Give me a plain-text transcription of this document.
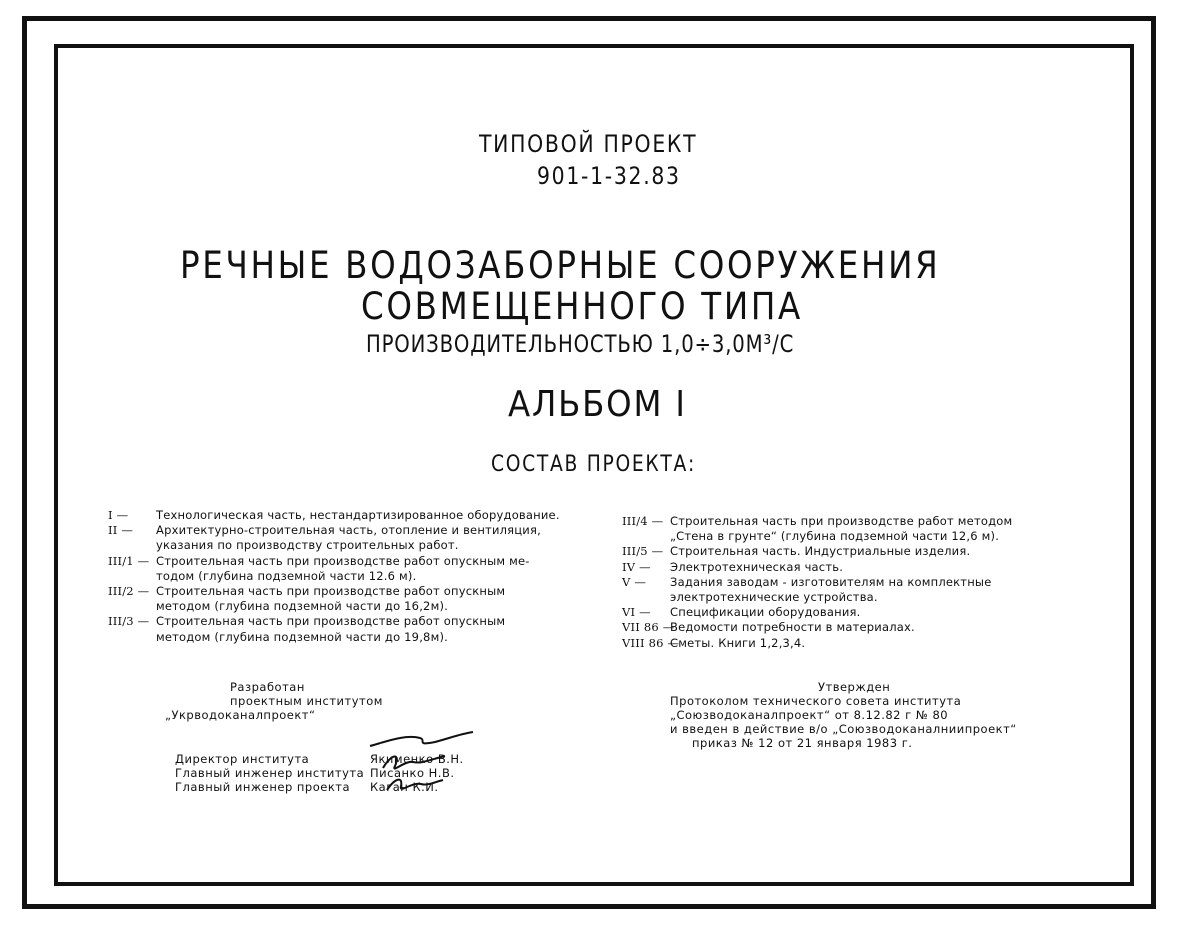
ТИПОВОЙ ПРОЕКТ
901-1-32.83
РЕЧНЫЕ ВОДОЗАБОРНЫЕ СООРУЖЕНИЯ
СОВМЕЩЕННОГО ТИПА
ПРОИЗВОДИТЕЛЬНОСТЬЮ 1,0÷3,0М³/С
АЛЬБОМ I
СОСТАВ ПРОЕКТА:
I — Технологическая часть, нестандартизированное оборудование.
II — Архитектурно-строительная часть, отопление и вентиляция,
указания по производству строительных работ.
III/1 — Строительная часть при производстве работ опускным ме-
тодом (глубина подземной части 12.6 м).
III/2 — Строительная часть при производстве работ опускным
методом (глубина подземной части до 16,2м).
III/3 — Строительная часть при производстве работ опускным
методом (глубина подземной части до 19,8м).
III/4 — Строительная часть при производстве работ методом
„Стена в грунте“ (глубина подземной части 12,6 м).
III/5 — Строительная часть. Индустриальные изделия.
IV — Электротехническая часть.
V — Задания заводам - изготовителям на комплектные
электротехнические устройства.
VI — Спецификации оборудования.
VII 86 —
Ведомости потребности в материалах.
VIII 86 —
Сметы. Книги 1,2,3,4.
Разработан
проектным институтом
„Укрводоканалпроект“
Директор института
Главный инженер института
Главный инженер проекта
Якименко В.Н.
Писанко Н.В.
Каган К.И.
Утвержден
Протоколом технического совета института
„Союзводоканалпроект“ от 8.12.82 г № 80
и введен в действие в/о „Союзводоканалниипроект“
приказ № 12 от 21 января 1983 г.
